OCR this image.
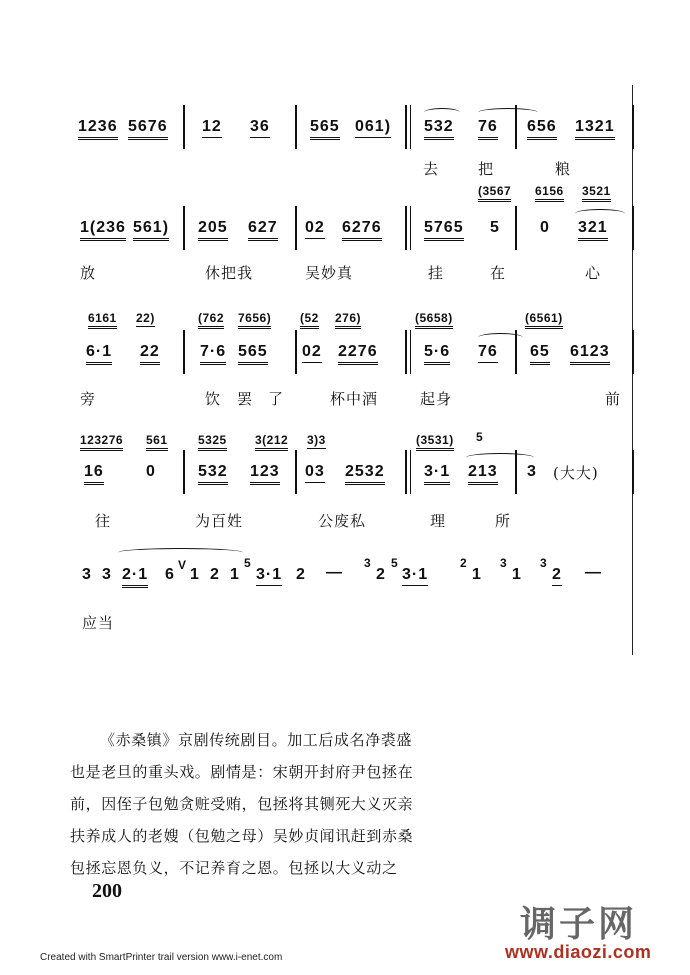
1236 5676 12 36	565 061) 532 76 656 1321
去	把	粮
(3567 6156 3521
1(236 561) 205 627 02 6276	5765 5	0 321
放	休把我	吴妙真	挂	在	心
6161 22)	(762 7656) (52 276)	(5658)	(6561)
6·1 22	7·6 565 02 2276	5·6 76 65 6123
旁	饮 罢 了	杯中酒	起身	前
123276 561	5325 3(212 3)3	(3531) 5
16	0	532 123 03 2532 3·1 213 3 (大大)
往	为百姓	公废私	理	所
3 3 2·1 6
V
1 2 1
5
3·1 2 —
3
2
5
3·1
2
1
3
1
3
2 —
应当
《赤桑镇》京剧传统剧目。加工后成名净裘盛
也是老旦的重头戏。剧情是：宋朝开封府尹包拯在
前，因侄子包勉贪赃受贿，包拯将其铡死大义灭亲
扶养成人的老嫂（包勉之母）吴妙贞闻讯赶到赤桑
包拯忘恩负义，不记养育之恩。包拯以大义动之
200
调子网
www.diaozi.com
Created with SmartPrinter trail version www.i-enet.com
